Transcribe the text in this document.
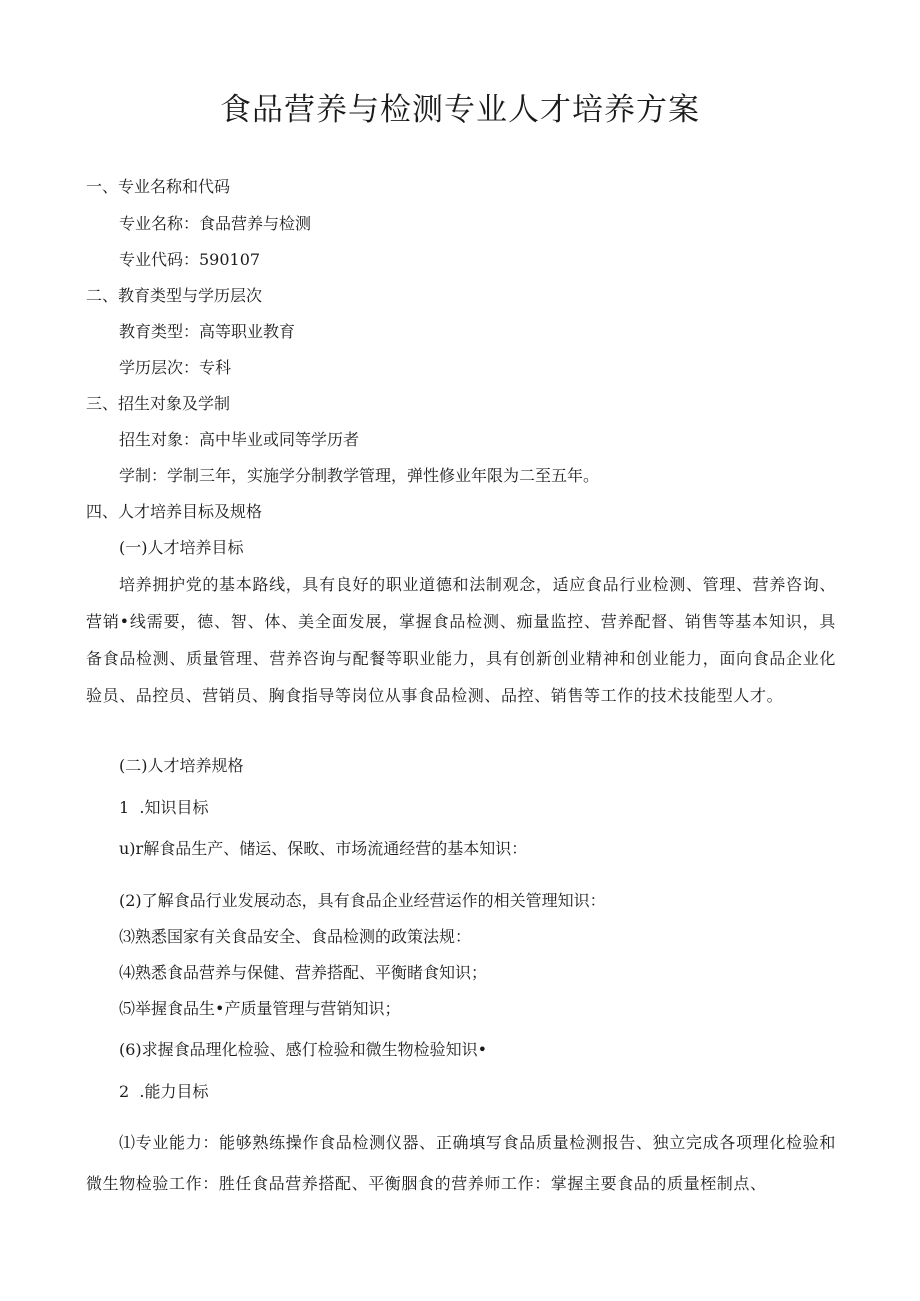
食品营养与检测专业人才培养方案
一、专业名称和代码
专业名称：食品营养与检测
专业代码：590107
二、教育类型与学历层次
教育类型：高等职业教育
学历层次：专科
三、招生对象及学制
招生对象：高中毕业或同等学历者
学制：学制三年，实施学分制教学管理，弹性修业年限为二至五年。
四、人才培养目标及规格
(一)人才培养目标
培养拥护党的基本路线，具有良好的职业道德和法制观念，适应食品行业检测、管理、营养咨询、营销•线需要，德、智、体、美全面发展，掌握食品检测、痂量监控、营养配督、销售等基本知识，具备食品检测、质量管理、营养咨询与配餐等职业能力，具有创新创业精神和创业能力，面向食品企业化验员、品控员、营销员、胸食指导等岗位从事食品检测、品控、销售等工作的技术技能型人才。
(二)人才培养规格
1  .知识目标
u)r解食品生产、储运、保畋、市场流通经营的基本知识：
(2)了解食品行业发展动态，具有食品企业经营运作的相关管理知识：
⑶熟悉国家有关食品安全、食品检测的政策法规：
⑷熟悉食品营养与保健、营养搭配、平衡睹食知识；
⑸举握食品生•产质量管理与营销知识；
(6)求握食品理化检验、感仃检验和微生物检验知识•
2  .能力目标
⑴专业能力：能够熟练操作食品检测仪器、正确填写食品质量检测报告、独立完成各项理化检验和微生物检验工作：胜任食品营养搭配、平衡胭食的营养师工作：掌握主要食品的质量桎制点、
